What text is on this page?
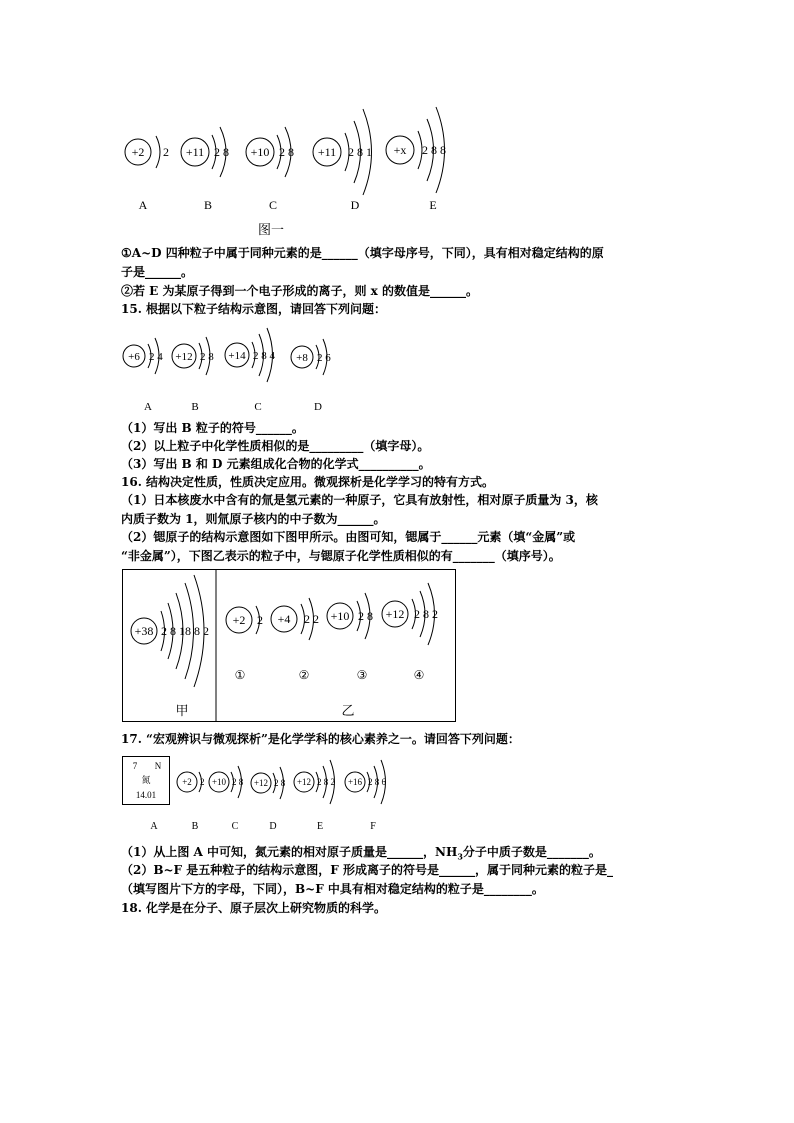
+2 2 +11 2 8 +10 2 8 +11 2 8 1 +x 2 8 8
A	B	C	D	E
图一
①A~D 四种粒子中属于同种元素的是______（填字母序号，下同），具有相对稳定结构的原
子是______。
②若 E 为某原子得到一个电子形成的离子，则 x 的数值是______。
15. 根据以下粒子结构示意图，请回答下列问题：
+6 2 4 +12 2 8 +14 2 8 4 +8 2 6
A	B	C	D
（1）写出 B 粒子的符号______。
（2）以上粒子中化学性质相似的是_________（填字母）。
（3）写出 B 和 D 元素组成化合物的化学式__________。
16. 结构决定性质，性质决定应用。微观探析是化学学习的特有方式。
（1）日本核废水中含有的氚是氢元素的一种原子，它具有放射性，相对原子质量为 3，核
内质子数为 1，则氚原子核内的中子数为______。
（2）锶原子的结构示意图如下图甲所示。由图可知，锶属于______元素（填“金属”或
“非金属”），下图乙表示的粒子中，与锶原子化学性质相似的有_______（填序号）。
+38 2 8 18 8 2
+2 2 +4 2 2 +10 2 8 +12 2 8 2
①	②	③	④
甲	乙
17. “宏观辨识与微观探析”是化学学科的核心素养之一。请回答下列问题：
7 N
氮
14.01
+2 2 +10 2 8 +12 2 8 +12 2 8 2 +16 2 8 6
A	B	C	D	E	F
（1）从上图 A 中可知，氮元素的相对原子质量是______，$NH_3$分子中质子数是_______。
（2）B~F 是五种粒子的结构示意图，F 形成离子的符号是______，属于同种元素的粒子是_
（填写图片下方的字母，下同），B~F 中具有相对稳定结构的粒子是________。
18. 化学是在分子、原子层次上研究物质的科学。
